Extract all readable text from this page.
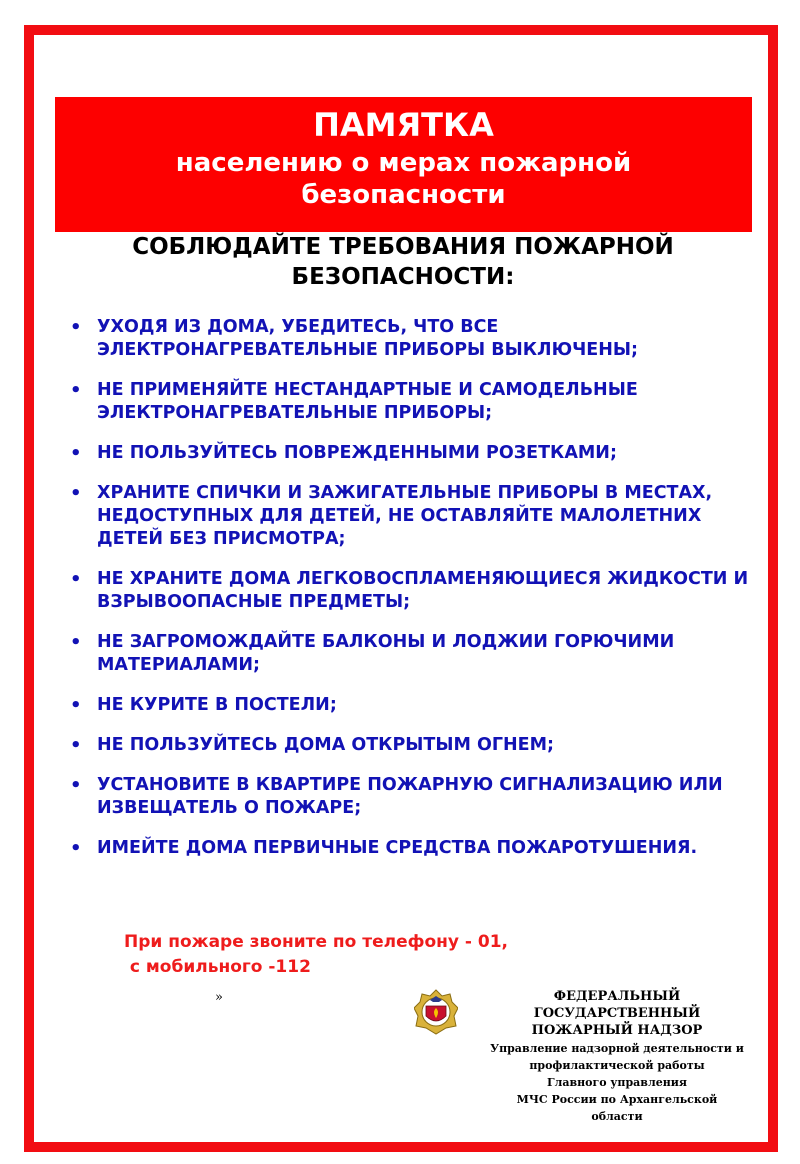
ПАМЯТКА
населению о мерах пожарной безопасности
СОБЛЮДАЙТЕ ТРЕБОВАНИЯ ПОЖАРНОЙ
БЕЗОПАСНОСТИ:
• УХОДЯ ИЗ ДОМА, УБЕДИТЕСЬ, ЧТО ВСЕ ЭЛЕКТРОНАГРЕВАТЕЛЬНЫЕ ПРИБОРЫ ВЫКЛЮЧЕНЫ;
• НЕ ПРИМЕНЯЙТЕ НЕСТАНДАРТНЫЕ И САМОДЕЛЬНЫЕ ЭЛЕКТРОНАГРЕВАТЕЛЬНЫЕ ПРИБОРЫ;
• НЕ ПОЛЬЗУЙТЕСЬ ПОВРЕЖДЕННЫМИ РОЗЕТКАМИ;
• ХРАНИТЕ СПИЧКИ И ЗАЖИГАТЕЛЬНЫЕ ПРИБОРЫ В МЕСТАХ, НЕДОСТУПНЫХ ДЛЯ ДЕТЕЙ, НЕ ОСТАВЛЯЙТЕ МАЛОЛЕТНИХ ДЕТЕЙ БЕЗ ПРИСМОТРА;
• НЕ ХРАНИТЕ ДОМА ЛЕГКОВОСПЛАМЕНЯЮЩИЕСЯ ЖИДКОСТИ И ВЗРЫВООПАСНЫЕ ПРЕДМЕТЫ;
• НЕ ЗАГРОМОЖДАЙТЕ БАЛКОНЫ И ЛОДЖИИ ГОРЮЧИМИ МАТЕРИАЛАМИ;
• НЕ КУРИТЕ В ПОСТЕЛИ;
• НЕ ПОЛЬЗУЙТЕСЬ ДОМА ОТКРЫТЫМ ОГНЕМ;
• УСТАНОВИТЕ В КВАРТИРЕ ПОЖАРНУЮ СИГНАЛИЗАЦИЮ ИЛИ ИЗВЕЩАТЕЛЬ О ПОЖАРЕ;
• ИМЕЙТЕ ДОМА ПЕРВИЧНЫЕ СРЕДСТВА ПОЖАРОТУШЕНИЯ.
При пожаре звоните по телефону - 01,
с мобильного -112
»	ФЕДЕРАЛЬНЫЙ
ГОСУДАРСТВЕННЫЙ
ПОЖАРНЫЙ НАДЗОР
Управление надзорной деятельности и
профилактической работы
Главного управления
МЧС России по Архангельской
области
